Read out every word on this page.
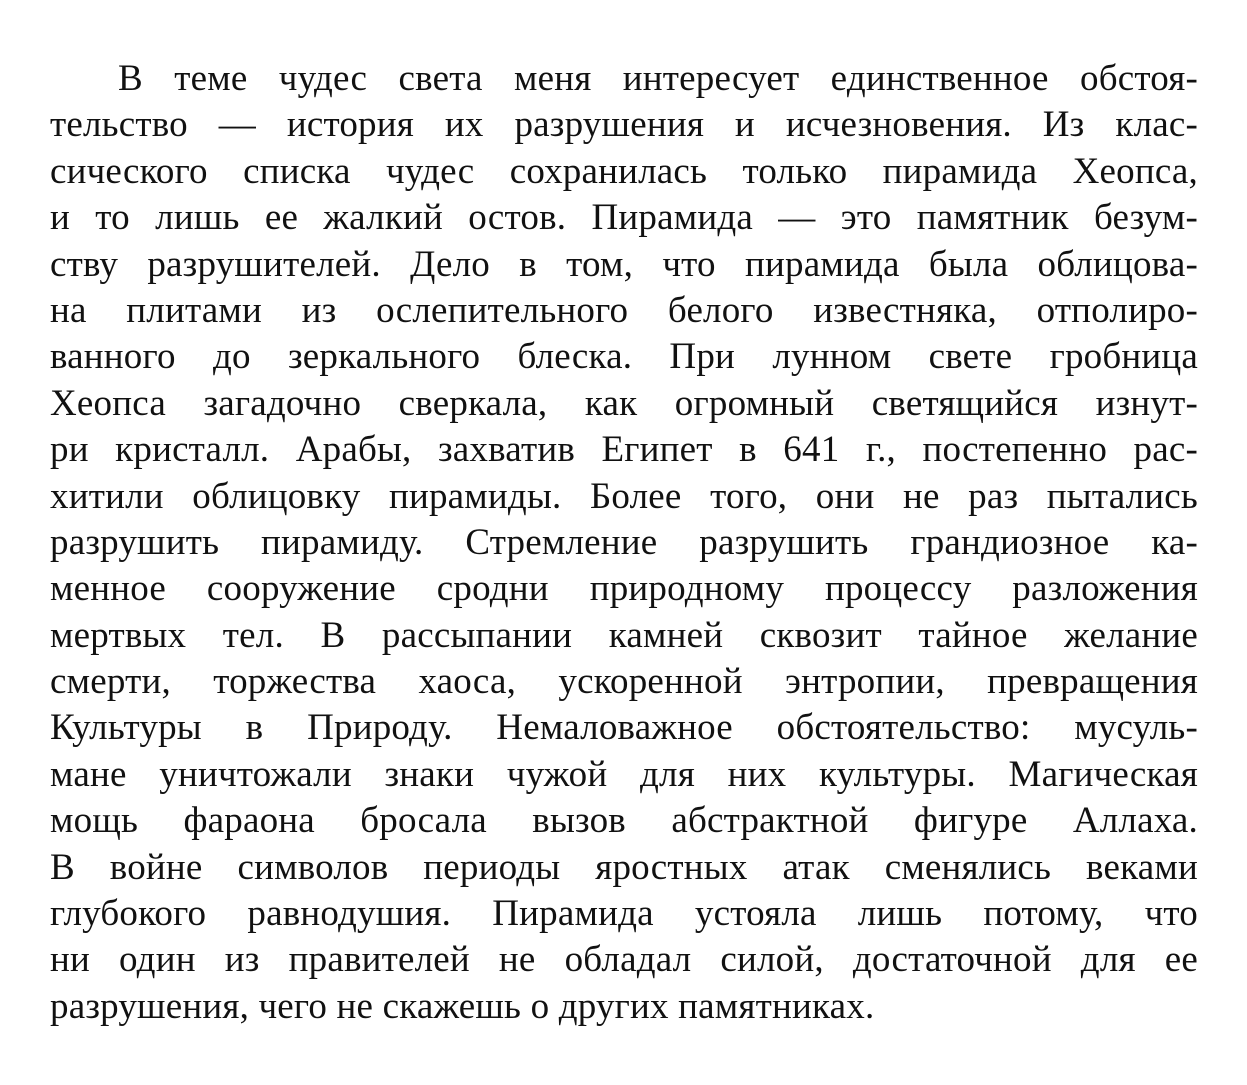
В теме чудес света меня интересует единственное обстоя-
тельство — история их разрушения и исчезновения. Из клас-
сического списка чудес сохранилась только пирамида Хеопса,
и то лишь ее жалкий остов. Пирамида — это памятник безум-
ству разрушителей. Дело в том, что пирамида была облицова-
на плитами из ослепительного белого известняка, отполиро-
ванного до зеркального блеска. При лунном свете гробница
Хеопса загадочно сверкала, как огромный светящийся изнут-
ри кристалл. Арабы, захватив Египет в 641 г., постепенно рас-
хитили облицовку пирамиды. Более того, они не раз пытались
разрушить пирамиду. Стремление разрушить грандиозное ка-
менное сооружение сродни природному процессу разложения
мертвых тел. В рассыпании камней сквозит тайное желание
смерти, торжества хаоса, ускоренной энтропии, превращения
Культуры в Природу. Немаловажное обстоятельство: мусуль-
мане уничтожали знаки чужой для них культуры. Магическая
мощь фараона бросала вызов абстрактной фигуре Аллаха.
В войне символов периоды яростных атак сменялись веками
глубокого равнодушия. Пирамида устояла лишь потому, что
ни один из правителей не обладал силой, достаточной для ее
разрушения, чего не скажешь о других памятниках.
